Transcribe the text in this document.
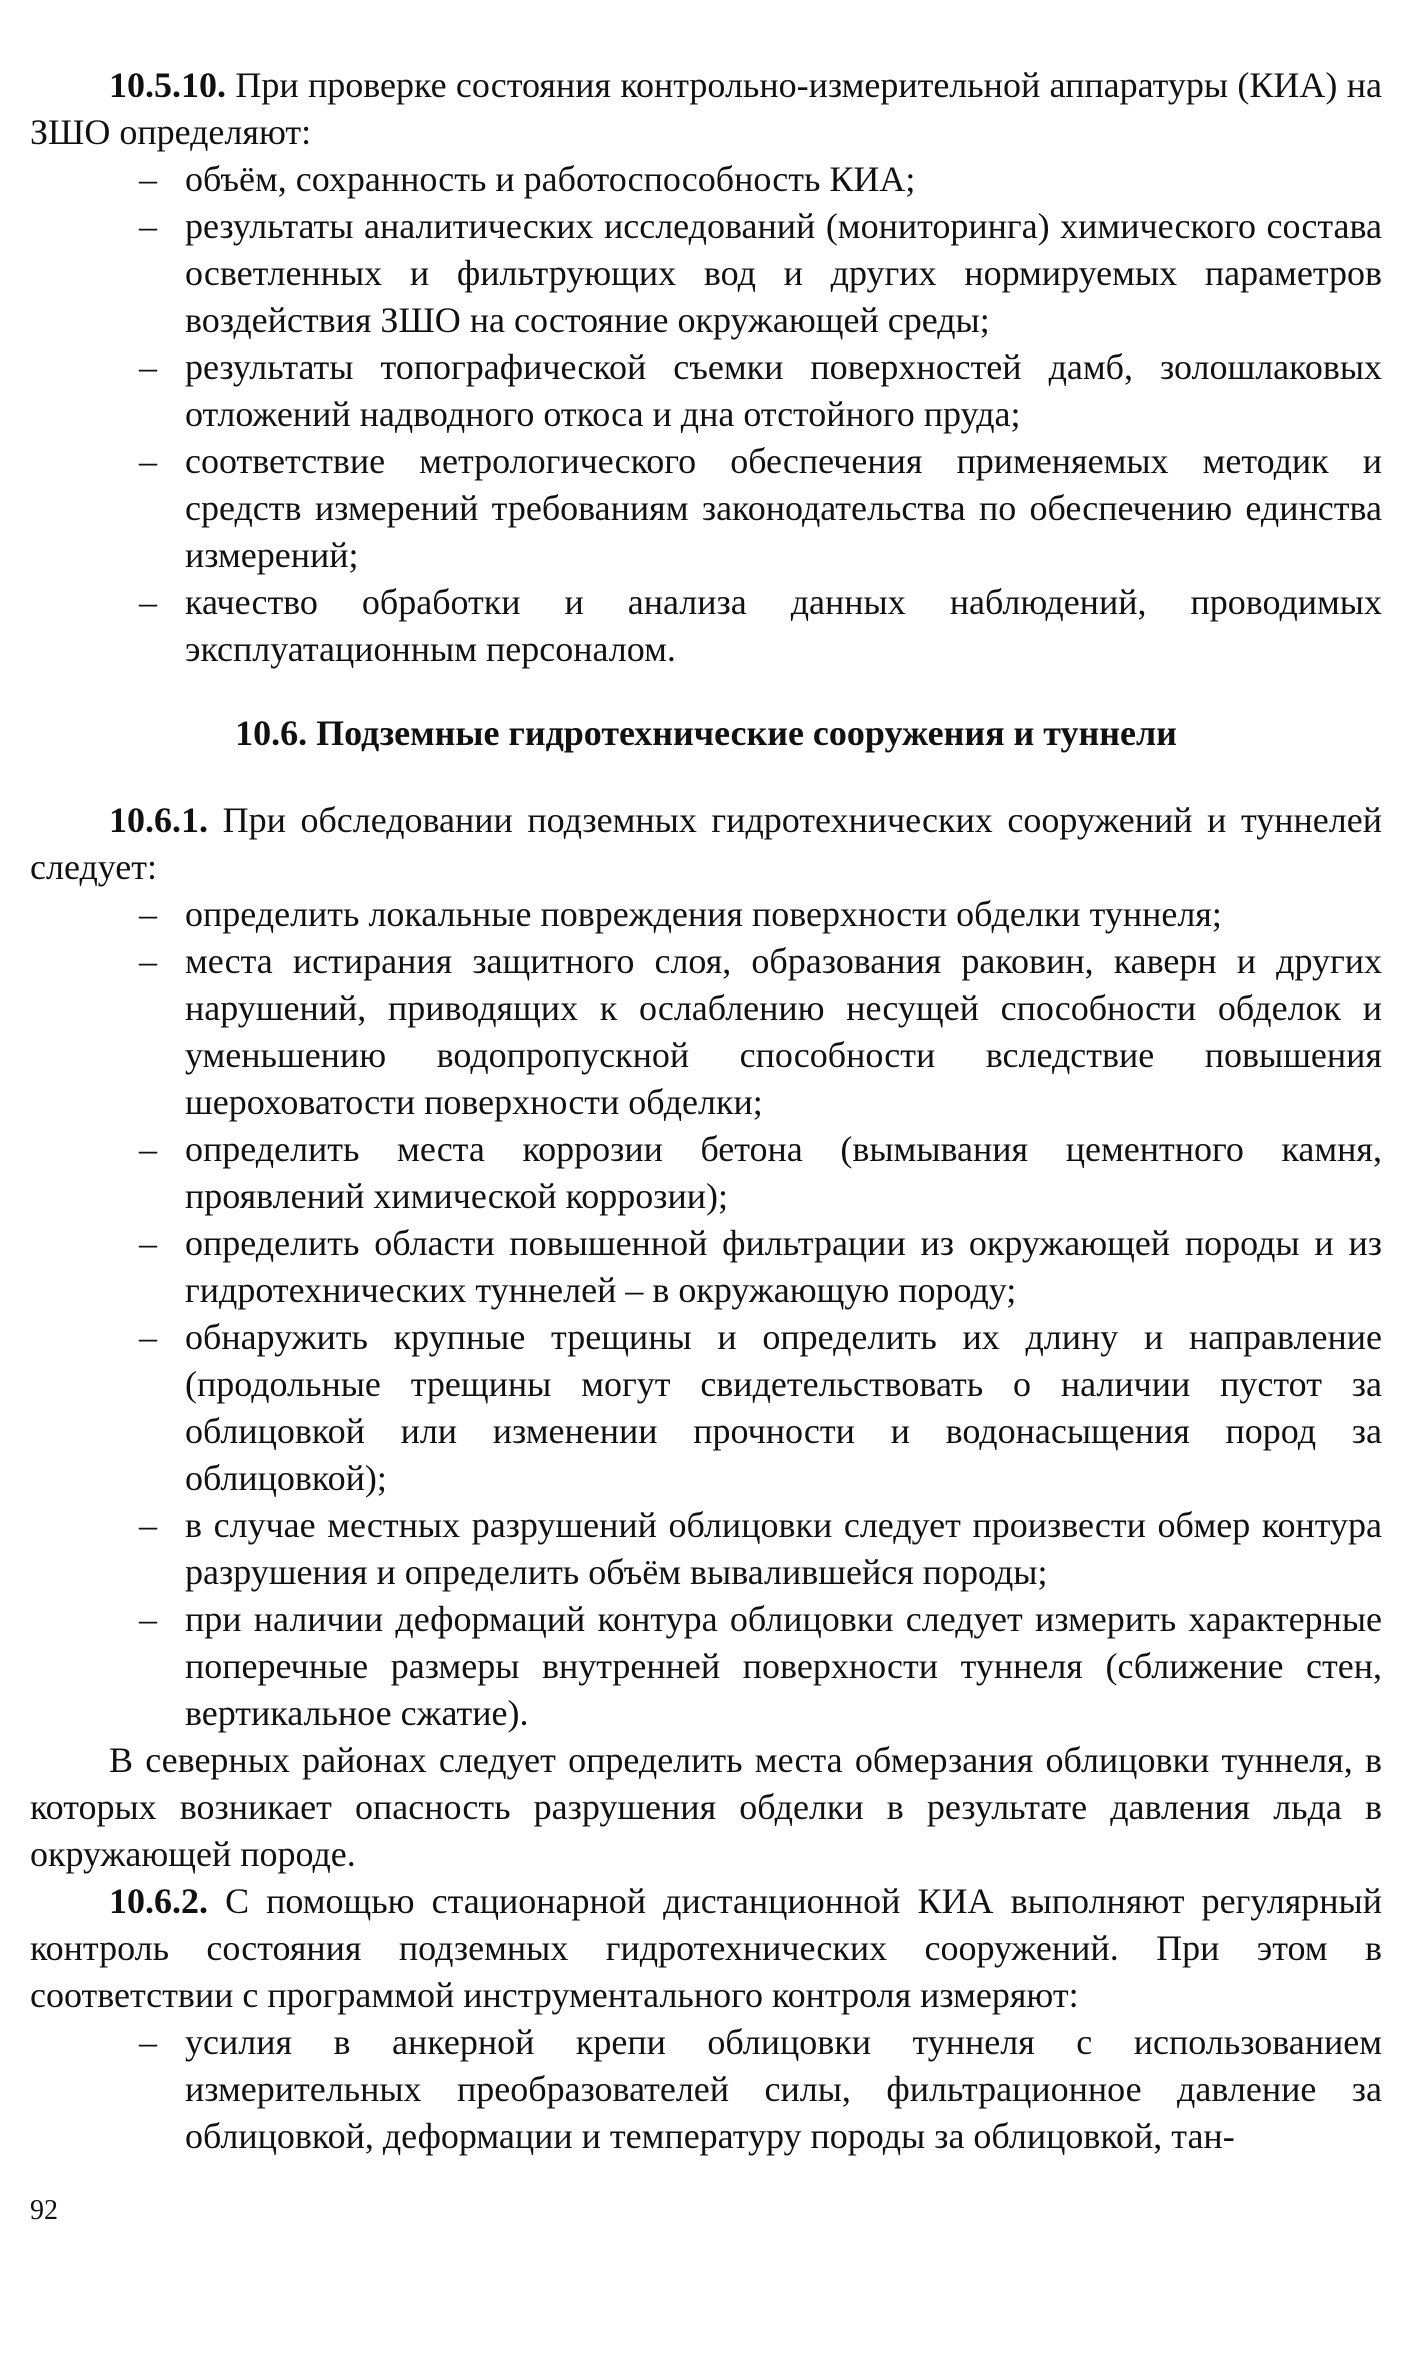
10.5.10. При проверке состояния контрольно-измерительной аппаратуры (КИА) на ЗШО определяют:

– объём, сохранность и работоспособность КИА;
– результаты аналитических исследований (мониторинга) химического состава осветленных и фильтрующих вод и других нормируемых параметров воздействия ЗШО на состояние окружающей среды;
– результаты топографической съемки поверхностей дамб, золошлаковых отложений надводного откоса и дна отстойного пруда;
– соответствие метрологического обеспечения применяемых методик и средств измерений требованиям законодательства по обеспечению единства измерений;
– качество обработки и анализа данных наблюдений, проводимых эксплуатационным персоналом.
10.6. Подземные гидротехнические сооружения и туннели

10.6.1. При обследовании подземных гидротехнических сооружений и туннелей следует:

– определить локальные повреждения поверхности обделки туннеля;
– места истирания защитного слоя, образования раковин, каверн и других нарушений, приводящих к ослаблению несущей способности обделок и уменьшению водопропускной способности вследствие повышения шероховатости поверхности обделки;
– определить места коррозии бетона (вымывания цементного камня, проявлений химической коррозии);
– определить области повышенной фильтрации из окружающей породы и из гидротехнических туннелей – в окружающую породу;
– обнаружить крупные трещины и определить их длину и направление (продольные трещины могут свидетельствовать о наличии пустот за облицовкой или изменении прочности и водонасыщения пород за облицовкой);
– в случае местных разрушений облицовки следует произвести обмер контура разрушения и определить объём вывалившейся породы;
– при наличии деформаций контура облицовки следует измерить характерные поперечные размеры внутренней поверхности туннеля (сближение стен, вертикальное сжатие).

В северных районах следует определить места обмерзания облицовки туннеля, в которых возникает опасность разрушения обделки в результате давления льда в окружающей породе.

10.6.2. С помощью стационарной дистанционной КИА выполняют регулярный контроль состояния подземных гидротехнических сооружений. При этом в соответствии с программой инструментального контроля измеряют:

– усилия в анкерной крепи облицовки туннеля с использованием измерительных преобразователей силы, фильтрационное давление за облицовкой, деформации и температуру породы за облицовкой, тан-
92
